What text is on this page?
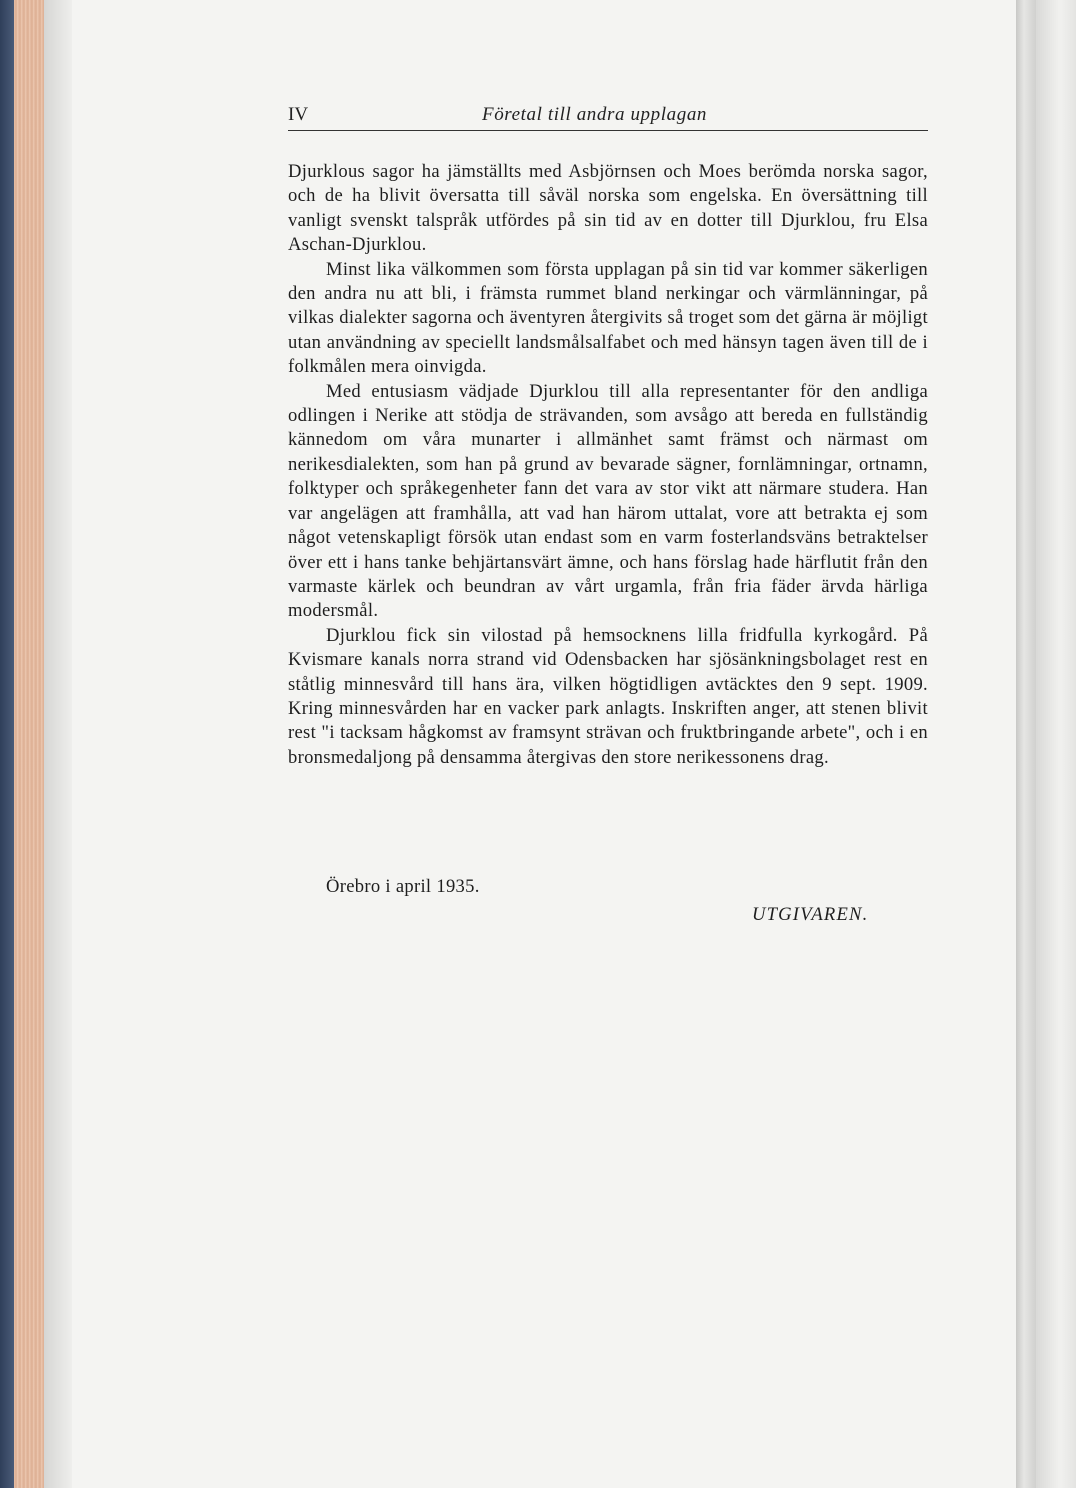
IV	Företal till andra upplagan

Djurklous sagor ha jämställts med Asbjörnsen och Moes berömda norska sagor, och de ha blivit översatta till såväl norska som engelska. En översättning till vanligt svenskt talspråk utfördes på sin tid av en dotter till Djurklou, fru Elsa Aschan-Djurklou.

Minst lika välkommen som första upplagan på sin tid var kommer säkerligen den andra nu att bli, i främsta rummet bland nerkingar och värmlänningar, på vilkas dialekter sagorna och äventyren återgivits så troget som det gärna är möjligt utan användning av speciellt landsmålsalfabet och med hänsyn tagen även till de i folkmålen mera oinvigda.

Med entusiasm vädjade Djurklou till alla representanter för den andliga odlingen i Nerike att stödja de strävanden, som avsågo att bereda en fullständig kännedom om våra munarter i allmänhet samt främst och närmast om nerikesdialekten, som han på grund av bevarade sägner, fornlämningar, ortnamn, folktyper och språkegenheter fann det vara av stor vikt att närmare studera. Han var angelägen att framhålla, att vad han härom uttalat, vore att betrakta ej som något vetenskapligt försök utan endast som en varm fosterlandsväns betraktelser över ett i hans tanke behjärtansvärt ämne, och hans förslag hade härflutit från den varmaste kärlek och beundran av vårt urgamla, från fria fäder ärvda härliga modersmål.

Djurklou fick sin vilostad på hemsocknens lilla fridfulla kyrkogård. På Kvismare kanals norra strand vid Odensbacken har sjösänkningsbolaget rest en ståtlig minnesvård till hans ära, vilken högtidligen avtäcktes den 9 sept. 1909. Kring minnesvården har en vacker park anlagts. Inskriften anger, att stenen blivit rest "i tacksam hågkomst av framsynt strävan och fruktbringande arbete", och i en bronsmedaljong på densamma återgivas den store nerikessonens drag.

Örebro i april 1935.
UTGIVAREN.
